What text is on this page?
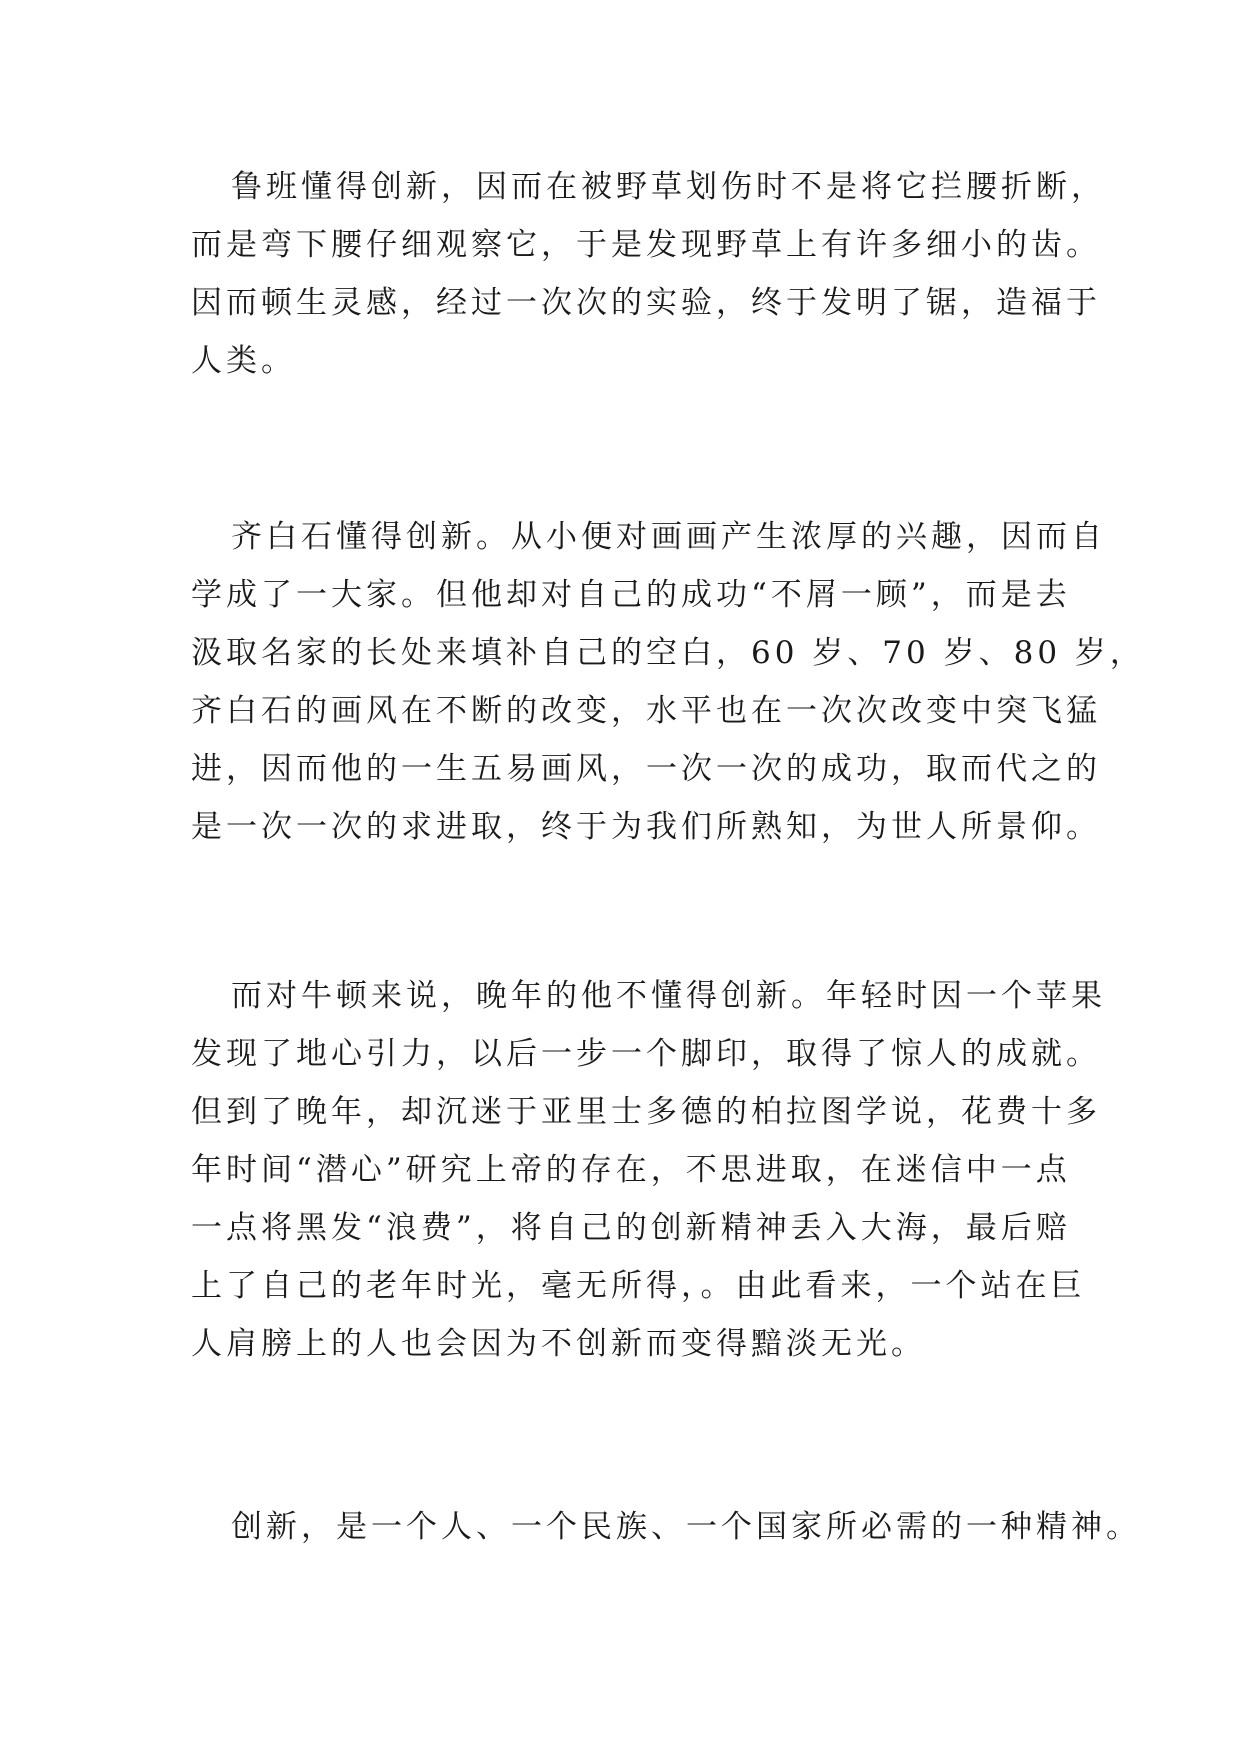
鲁班懂得创新，因而在被野草划伤时不是将它拦腰折断，
而是弯下腰仔细观察它，于是发现野草上有许多细小的齿。
因而顿生灵感，经过一次次的实验，终于发明了锯，造福于
人类。
齐白石懂得创新。从小便对画画产生浓厚的兴趣，因而自
学成了一大家。但他却对自己的成功“不屑一顾”，而是去
汲取名家的长处来填补自己的空白，60 岁、70 岁、80 岁，
齐白石的画风在不断的改变，水平也在一次次改变中突飞猛
进，因而他的一生五易画风，一次一次的成功，取而代之的
是一次一次的求进取，终于为我们所熟知，为世人所景仰。
而对牛顿来说，晚年的他不懂得创新。年轻时因一个苹果
发现了地心引力，以后一步一个脚印，取得了惊人的成就。
但到了晚年，却沉迷于亚里士多德的柏拉图学说，花费十多
年时间“潜心”研究上帝的存在，不思进取，在迷信中一点
一点将黑发“浪费”，将自己的创新精神丢入大海，最后赔
上了自己的老年时光，毫无所得，。由此看来，一个站在巨
人肩膀上的人也会因为不创新而变得黯淡无光。
创新，是一个人、一个民族、一个国家所必需的一种精神。
